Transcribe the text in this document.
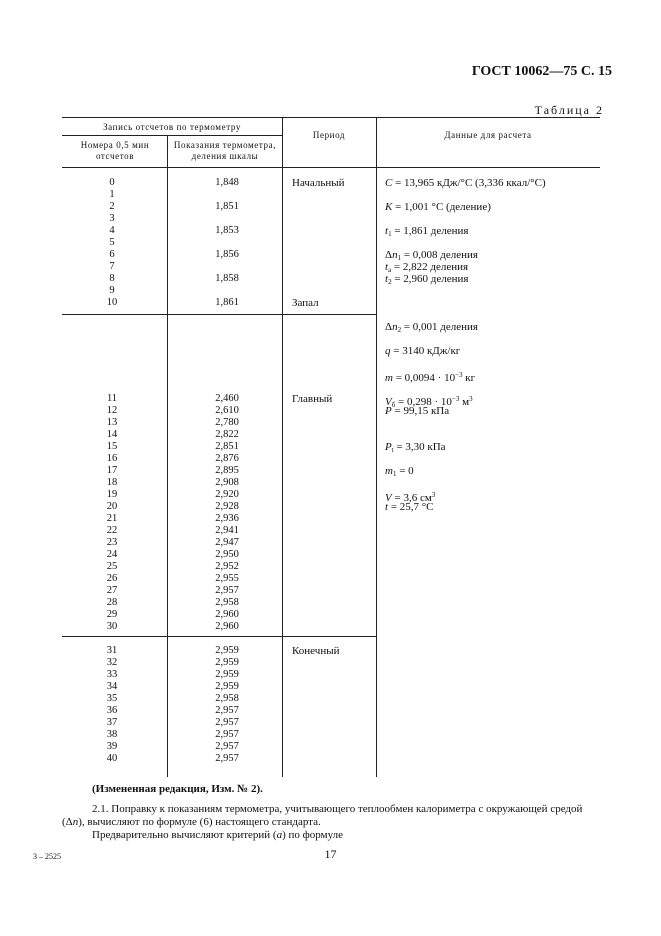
ГОСТ 10062—75 С. 15
Таблица 2
Запись отсчетов по термометру
Номера 0,5 мин отсчетов
Показания термометра, деления шкалы
Период	Данные для расчета
0
1
2
3
4
5
6
7
8
9
10
1,848
1,851
1,853
1,856
1,858
1,861
11
12
13
14
15
16
17
18
19
20
21
22
23
24
25
26
27
28
29
30
2,460
2,610
2,780
2,822
2,851
2,876
2,895
2,908
2,920
2,928
2,936
2,941
2,947
2,950
2,952
2,955
2,957
2,958
2,960
2,960
31
32
33
34
35
36
37
38
39
40
2,959
2,959
2,959
2,959
2,958
2,957
2,957
2,957
2,957
2,957
Начальный
Запал
Главный
Конечный
С = 13,965 кДж/°С (3,336 ккал/°С)
K = 1,001 °С (деление)
$t_1 = 1,861$ деления
$\Delta n_1 = 0,008$ деления
$t_a = 2,822$ деления
$t_2 = 2,960$ деления
$\Delta n_2 = 0,001$ деления
q = 3140 кДж/кг
$m = 0,0094 \cdot 10^{-3}$ кг
$V_б = 0,298 \cdot 10^{-3}$ $м^3$
P = 99,15 кПа
$P_t = 3,30$ кПа
$m_1 = 0$
V = 3,6 $см^3$
t = 25,7 °С
(Измененная редакция, Изм. № 2).
2.1. Поправку к показаниям термометра, учитывающего теплообмен калориметра с окружающей средой
(Δn), вычисляют по формуле (6) настоящего стандарта.
Предварительно вычисляют критерий (а) по формуле
17
3 – 2525
